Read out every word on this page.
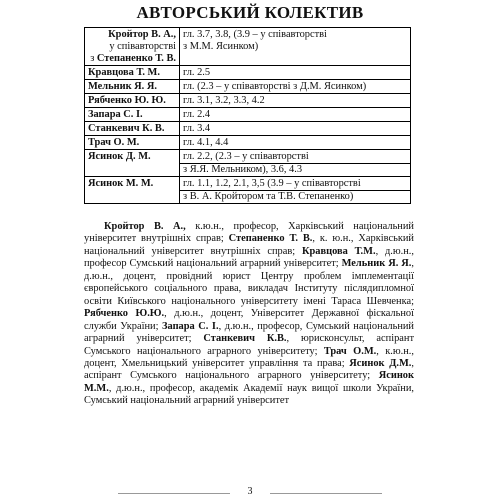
АВТОРСЬКИЙ КОЛЕКТИВ
Кройтор В. А.,
у співавторстві
з Степаненко Т. В.	гл. 3.7, 3.8, (3.9 – у співавторстві
з М.М. Ясинком)

Кравцова Т. М.	гл. 2.5

Мельник Я. Я.	гл. (2.3 – у співавторстві з Д.М. Ясинком)

Рябченко Ю. Ю.	гл. 3.1, 3.2, 3.3, 4.2

Запара С. І.	гл. 2.4

Станкевич К. В.	гл. 3.4

Трач О. М.	гл. 4.1, 4.4

Ясинок Д. М.	гл. 2.2, (2.3 – у співавторстві
з Я.Я. Мельником), 3.6, 4.3

Ясинок М. М.	гл. 1.1, 1.2, 2.1, 3,5 (3.9 – у співавторстві
з В. А. Кройтором та Т.В. Степаненко)

Кройтор В. А., к.ю.н., професор, Харківський національний університет внутрішніх справ; Степаненко Т. В., к. ю.н., Харківський національний університет внутрішніх справ; Кравцова Т.М., д.ю.н., професор Сумський національний аграрний університет; Мельник Я. Я., д.ю.н., доцент, провідний юрист Центру проблем імплементації європейського соціального права, викладач Інституту післядипломної освіти Київського національного університету імені Тараса Шевченка; Рябченко Ю.Ю., д.ю.н., доцент, Університет Державної фіскальної служби України; Запара С. І., д.ю.н., професор, Сумський національний аграрний університет; Станкевич К.В., юрисконсульт, аспірант Сумського національного аграрного університету; Трач О.М., к.ю.н., доцент, Хмельницький університет управління та права; Ясинок Д.М., аспірант Сумського національного аграрного університету; Ясинок М.М., д.ю.н., професор, академік Академії наук вищої школи України, Сумський національний аграрний університет

3
